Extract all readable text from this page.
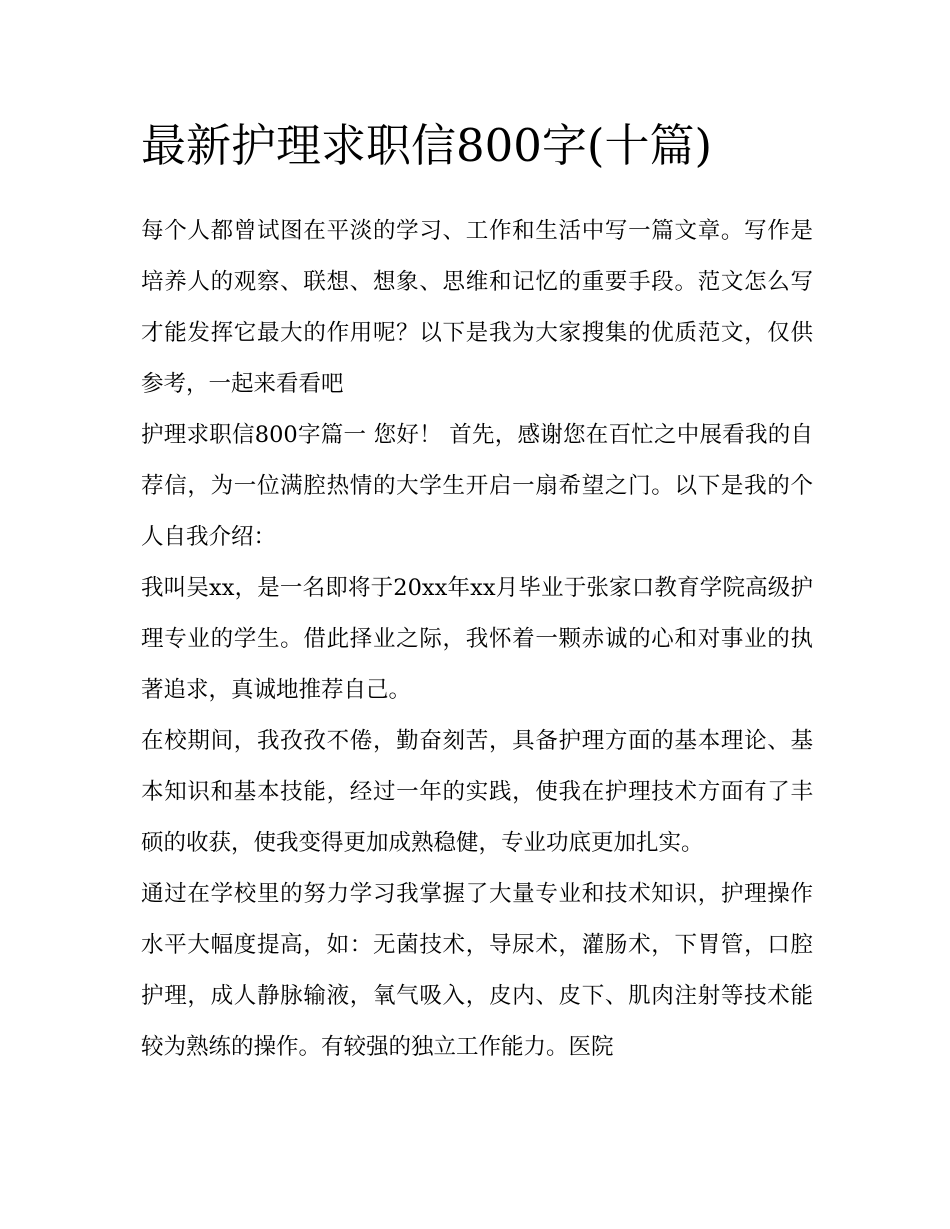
最新护理求职信800字(十篇)

每个人都曾试图在平淡的学习、工作和生活中写一篇文章。写作是培养人的观察、联想、想象、思维和记忆的重要手段。范文怎么写才能发挥它最大的作用呢？以下是我为大家搜集的优质范文，仅供参考，一起来看看吧

护理求职信800字篇一 您好！ 首先，感谢您在百忙之中展看我的自荐信，为一位满腔热情的大学生开启一扇希望之门。以下是我的个人自我介绍：

我叫吴xx，是一名即将于20xx年xx月毕业于张家口教育学院高级护理专业的学生。借此择业之际，我怀着一颗赤诚的心和对事业的执著追求，真诚地推荐自己。

在校期间，我孜孜不倦，勤奋刻苦，具备护理方面的基本理论、基本知识和基本技能，经过一年的实践，使我在护理技术方面有了丰硕的收获，使我变得更加成熟稳健，专业功底更加扎实。

通过在学校里的努力学习我掌握了大量专业和技术知识，护理操作水平大幅度提高，如：无菌技术，导尿术，灌肠术，下胃管，口腔护理，成人静脉输液，氧气吸入，皮内、皮下、肌肉注射等技术能较为熟练的操作。有较强的独立工作能力。医院
